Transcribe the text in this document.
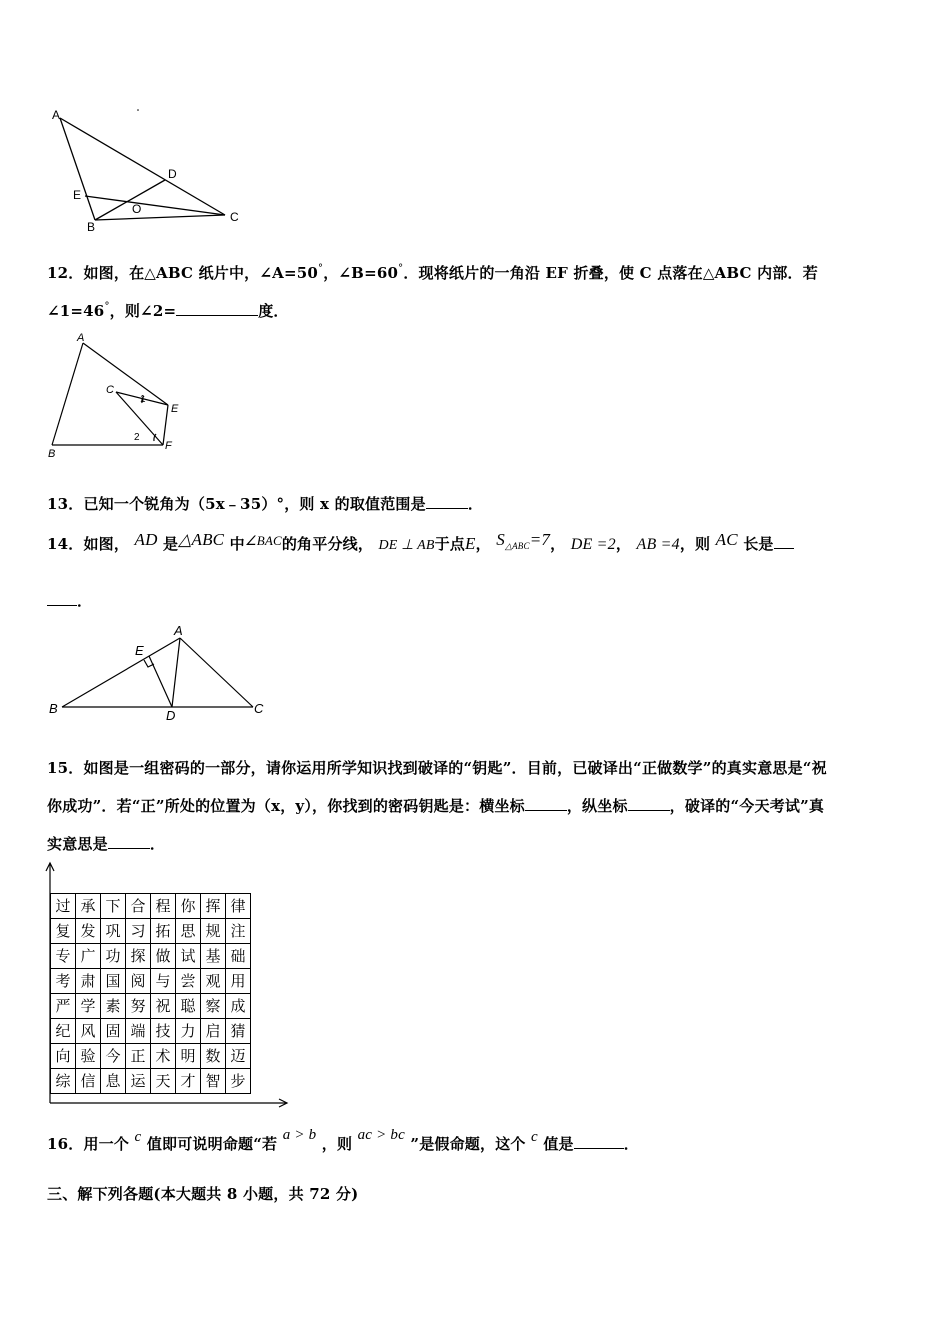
A
E
B
D
O
C
12．如图，在△ABC 纸片中，∠A=50°，∠B=60°．现将纸片的一角沿 EF 折叠，使 C 点落在△ABC 内部．若
∠1=46°，则∠2=	度．
A
C
1
E
2
F
B
13．已知一个锐角为（5x﹣35）°，则 x 的取值范围是	．
14．如图， AD 是△ABC 中∠BAC的角平分线， DE ⊥ AB于点E， S△ABC=7， DE =2， AB =4，则 AC 长是
．
A
E
B	D	C
15．如图是一组密码的一部分，请你运用所学知识找到破译的“钥匙”．目前，已破译出“正做数学”的真实意思是“祝
你成功”．若“正”所处的位置为（x，y），你找到的密码钥匙是：横坐标	，纵坐标	，破译的“今天考试”真
实意思是	．
过	承	下	合	程	你	挥	律
复	发	巩	习	拓	思	规	注
专	广	功	探	做	试	基	础
考	肃	国	阅	与	尝	观	用
严	学	素	努	祝	聪	察	成
纪	风	固	端	技	力	启	猜
向	验	今	正	术	明	数	迈
综	信	息	运	天	才	智	步
16．用一个 c 值即可说明命题“若 a > b ，则 ac > bc ”是假命题，这个 c 值是	．
三、解下列各题(本大题共 8 小题，共 72 分)
